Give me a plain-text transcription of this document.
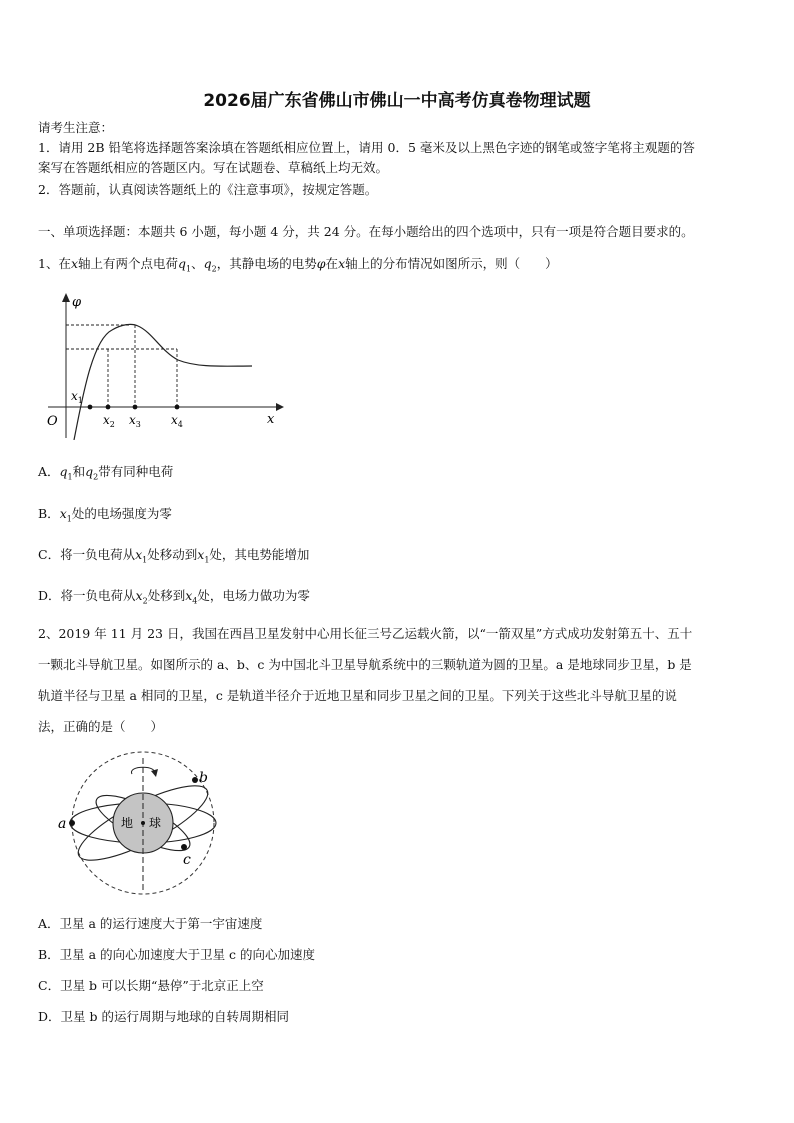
2026届广东省佛山市佛山一中高考仿真卷物理试题
请考生注意：
1．请用 2B 铅笔将选择题答案涂填在答题纸相应位置上，请用 0．5 毫米及以上黑色字迹的钢笔或签字笔将主观题的答
案写在答题纸相应的答题区内。写在试题卷、草稿纸上均无效。
2．答题前，认真阅读答题纸上的《注意事项》，按规定答题。
一、单项选择题：本题共 6 小题，每小题 4 分，共 24 分。在每小题给出的四个选项中，只有一项是符合题目要求的。
1、在x轴上有两个点电荷$q_1$、$q_2$，其静电场的电势φ在x轴上的分布情况如图所示，则（　　）
φ
x
O
$x_1$
$x_2$ $x_3$	$x_4$
A．$q_1$和$q_2$带有同种电荷
B．$x_1$处的电场强度为零
C．将一负电荷从$x_1$处移动到$x_1$处，其电势能增加
D．将一负电荷从$x_2$处移到$x_4$处，电场力做功为零
2、2019 年 11 月 23 日，我国在西昌卫星发射中心用长征三号乙运载火箭，以“一箭双星”方式成功发射第五十、五十
一颗北斗导航卫星。如图所示的 a、b、c 为中国北斗卫星导航系统中的三颗轨道为圆的卫星。a 是地球同步卫星，b 是
轨道半径与卫星 a 相同的卫星，c 是轨道半径介于近地卫星和同步卫星之间的卫星。下列关于这些北斗导航卫星的说
法，正确的是（　　）
地 球
a
b
c
A．卫星 a 的运行速度大于第一宇宙速度
B．卫星 a 的向心加速度大于卫星 c 的向心加速度
C．卫星 b 可以长期“悬停”于北京正上空
D．卫星 b 的运行周期与地球的自转周期相同
